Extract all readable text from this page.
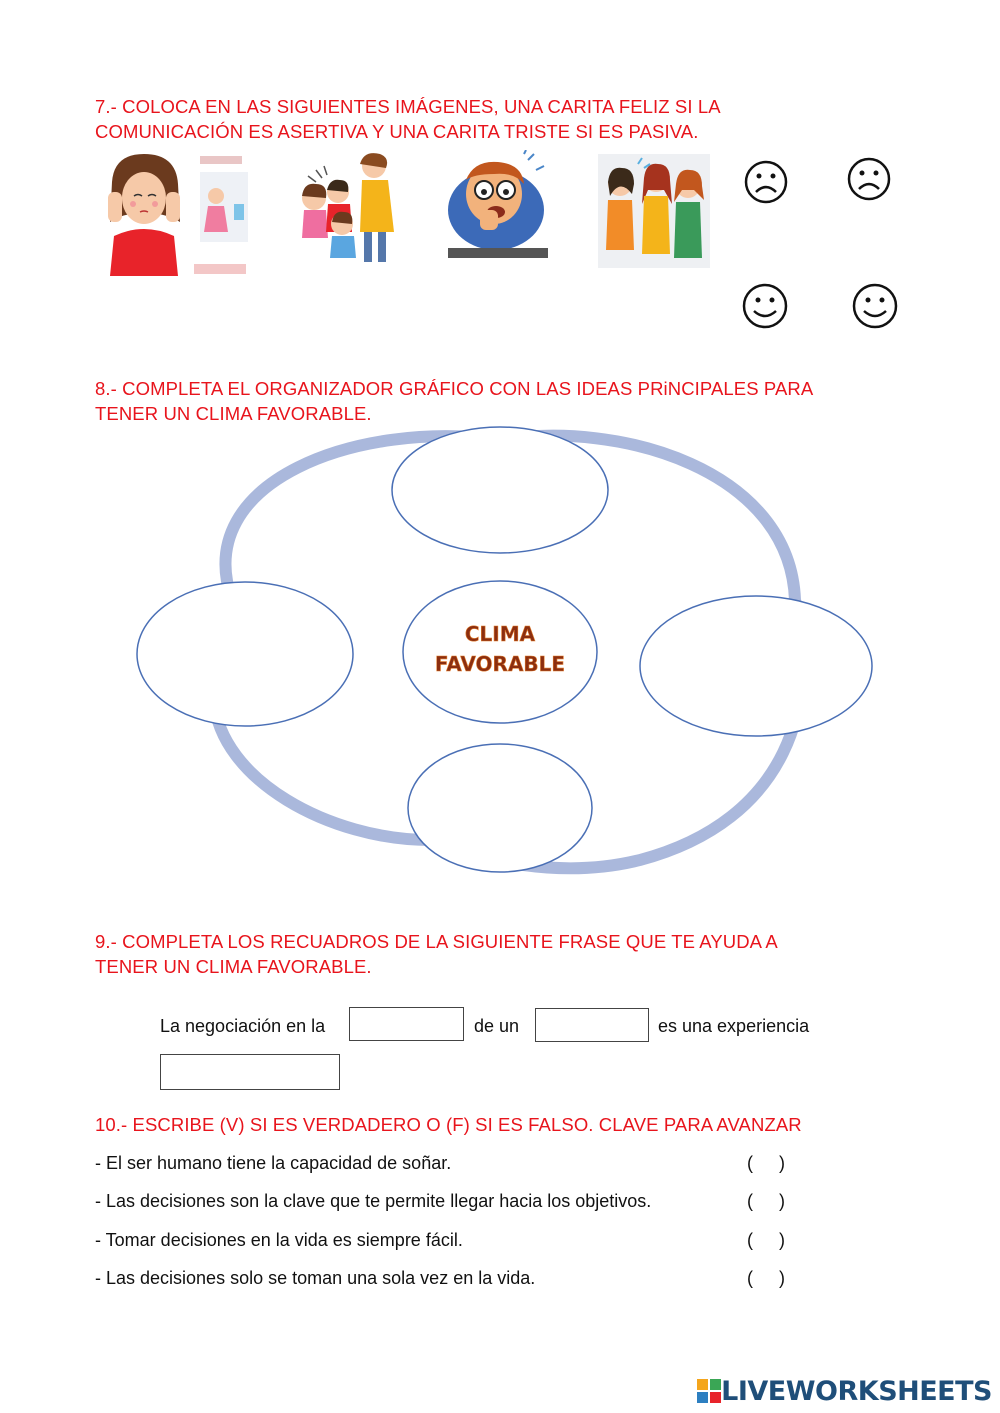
7.- COLOCA EN LAS SIGUIENTES IMÁGENES, UNA CARITA FELIZ SI LA
COMUNICACIÓN ES ASERTIVA Y UNA CARITA TRISTE SI ES PASIVA.
8.- COMPLETA EL ORGANIZADOR GRÁFICO CON LAS IDEAS PRiNCIPALES PARA
TENER UN CLIMA FAVORABLE.
CLIMA
FAVORABLE
9.- COMPLETA LOS RECUADROS DE LA SIGUIENTE FRASE QUE TE AYUDA A
TENER UN CLIMA FAVORABLE.
La negociación en la	de un	es una experiencia
10.- ESCRIBE (V) SI ES VERDADERO O (F) SI ES FALSO. CLAVE PARA AVANZAR
- El ser humano tiene la capacidad de soñar.	( )
- Las decisiones son la clave que te permite llegar hacia los objetivos.	( )
- Tomar decisiones en la vida es siempre fácil.	( )
- Las decisiones solo se toman una sola vez en la vida.	( )
LIVEWORKSHEETS
